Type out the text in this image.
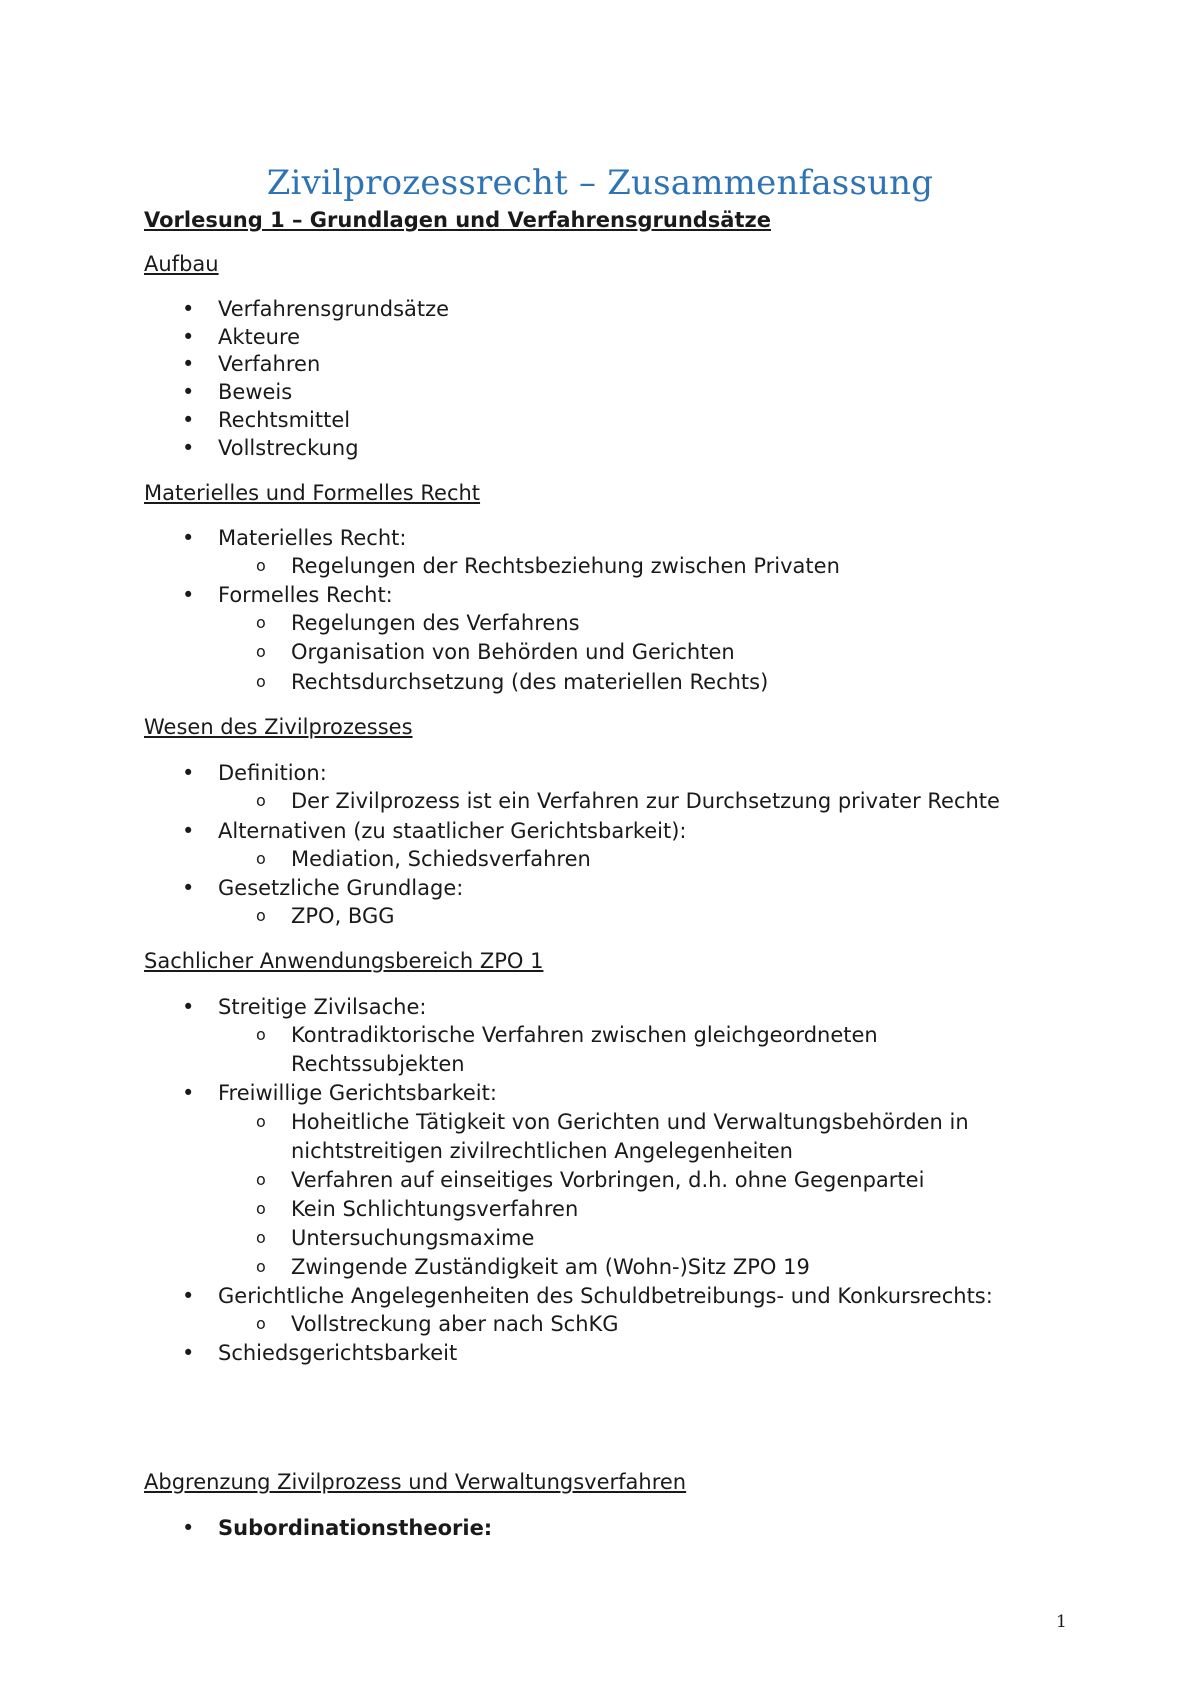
Zivilprozessrecht – Zusammenfassung

Vorlesung 1 – Grundlagen und Verfahrensgrundsätze

Aufbau

• Verfahrensgrundsätze

• Akteure

• Verfahren

• Beweis

• Rechtsmittel

• Vollstreckung

Materielles und Formelles Recht

• Materielles Recht:

o Regelungen der Rechtsbeziehung zwischen Privaten

• Formelles Recht:

o Regelungen des Verfahrens

o Organisation von Behörden und Gerichten

o Rechtsdurchsetzung (des materiellen Rechts)

Wesen des Zivilprozesses

• Definition:

o Der Zivilprozess ist ein Verfahren zur Durchsetzung privater Rechte

• Alternativen (zu staatlicher Gerichtsbarkeit):

o Mediation, Schiedsverfahren

• Gesetzliche Grundlage:

o ZPO, BGG

Sachlicher Anwendungsbereich ZPO 1

• Streitige Zivilsache:

o Kontradiktorische Verfahren zwischen gleichgeordneten

Rechtssubjekten

• Freiwillige Gerichtsbarkeit:

o Hoheitliche Tätigkeit von Gerichten und Verwaltungsbehörden in

nichtstreitigen zivilrechtlichen Angelegenheiten

o Verfahren auf einseitiges Vorbringen, d.h. ohne Gegenpartei

o Kein Schlichtungsverfahren

o Untersuchungsmaxime

o Zwingende Zuständigkeit am (Wohn-)Sitz ZPO 19

• Gerichtliche Angelegenheiten des Schuldbetreibungs- und Konkursrechts:

o Vollstreckung aber nach SchKG

• Schiedsgerichtsbarkeit

Abgrenzung Zivilprozess und Verwaltungsverfahren

• Subordinationstheorie:

1
